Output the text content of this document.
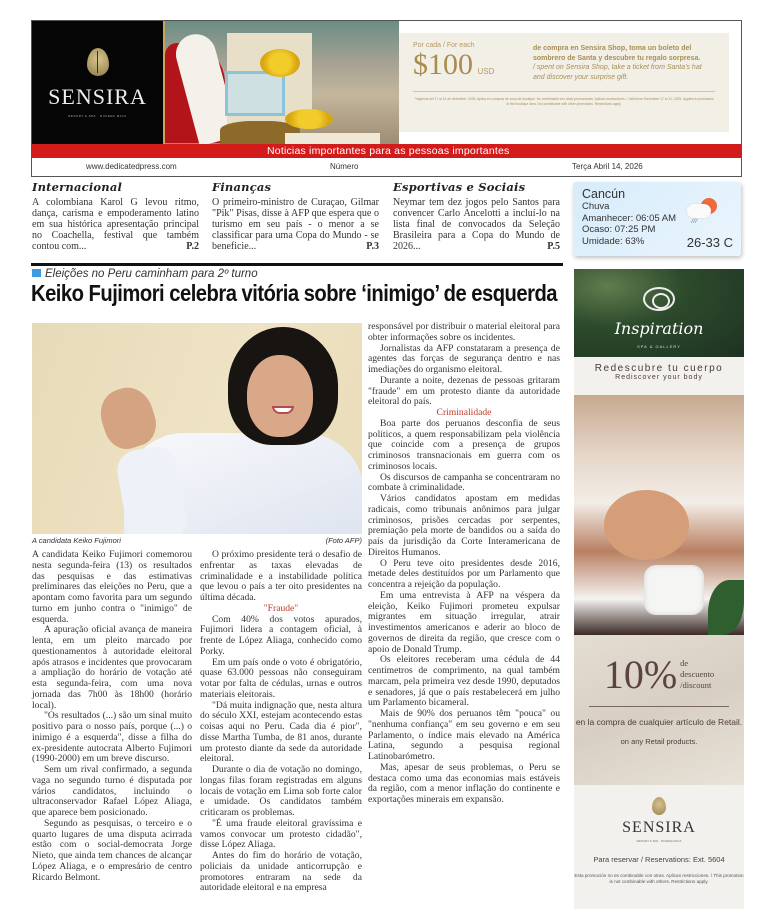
SENSIRA
RESORT & SPA · RIVIERA MAYA
Por cada / For each
$100 USD
de compra en Sensira Shop, toma un boleto del sombrero de Santa y descubre tu regalo sorpresa.
/ spent on Sensira Shop, take a ticket from Santa's hat and discover your surprise gift.
*Vigencia del 17 al 31 de diciembre, 2025. Aplica en compras de zona de boutique. No combinable con otras promociones. Aplican restricciones. / Valid from December 17 to 31, 2025. Applies to purchases in the boutique area. Not combinable with other promotions. Restrictions apply.
Noticias importantes para as pessoas importantes
www.dedicatedpress.com	Número	Terça Abril 14, 2026
Internacional

A colombiana Karol G levou ritmo, dança, carisma e empoderamento latino em sua histórica apresentação principal no Coachella, festival que também contou com...	P.2

Finanças

O primeiro-ministro de Curaçao, Gilmar "Pik" Pisas, disse à AFP que espera que o turismo em seu país - o menor a se classificar para uma Copa do Mundo - se beneficie...	P.3

Esportivas e Sociais

Neymar tem dez jogos pelo Santos para convencer Carlo Ancelotti a incluí-lo na lista final de convocados da Seleção Brasileira para a Copa do Mundo de 2026...	P.5

Cancún
Chuva
Amanhecer: 06:05 AM
Ocaso: 07:25 PM
Umidade: 63%
⁄⁄⁄
26-33 C
Eleições no Peru caminham para 2º turno
Keiko Fujimori celebra vitória sobre ‘inimigo’ de esquerda
A candidata Keiko Fujimori	(Foto AFP)

A candidata Keiko Fujimori comemorou nesta segunda-feira (13) os resultados das pesquisas e das estimativas preliminares das eleições no Peru, que a apontam como favorita para um segundo turno em junho contra o "inimigo" de esquerda.

A apuração oficial avança de maneira lenta, em um pleito marcado por questionamentos à autoridade eleitoral após atrasos e incidentes que provocaram a ampliação do horário de votação até esta segunda-feira, com uma nova jornada das 7h00 às 18h00 (horário local).

"Os resultados (...) são um sinal muito positivo para o nosso país, porque (...) o inimigo é a esquerda", disse a filha do ex-presidente autocrata Alberto Fujimori (1990-2000) em um breve discurso.

Sem um rival confirmado, a segunda vaga no segundo turno é disputada por vários candidatos, incluindo o ultraconservador Rafael López Aliaga, que aparece bem posicionado.

Segundo as pesquisas, o terceiro e o quarto lugares de uma disputa acirrada estão com o social-democrata Jorge Nieto, que ainda tem chances de alcançar López Aliaga, e o empresário de centro Ricardo Belmont.

O próximo presidente terá o desafio de enfrentar as taxas elevadas de criminalidade e a instabilidade política que levou o país a ter oito presidentes na última década.

"Fraude"

Com 40% dos votos apurados, Fujimori lidera a contagem oficial, à frente de López Aliaga, conhecido como Porky.

Em um país onde o voto é obrigatório, quase 63.000 pessoas não conseguiram votar por falta de cédulas, urnas e outros materiais eleitorais.

"Dá muita indignação que, nesta altura do século XXI, estejam acontecendo estas coisas aqui no Peru. Cada dia é pior", disse Martha Tumba, de 81 anos, durante um protesto diante da sede da autoridade eleitoral.

Durante o dia de votação no domingo, longas filas foram registradas em alguns locais de votação em Lima sob forte calor e umidade. Os candidatos também criticaram os problemas.

"É uma fraude eleitoral gravíssima e vamos convocar um protesto cidadão", disse López Aliaga.

Antes do fim do horário de votação, policiais da unidade anticorrupção e promotores entraram na sede da autoridade eleitoral e na empresa

responsável por distribuir o material eleitoral para obter informações sobre os incidentes.

Jornalistas da AFP constataram a presença de agentes das forças de segurança dentro e nas imediações do organismo eleitoral.

Durante a noite, dezenas de pessoas gritaram "fraude" em um protesto diante da autoridade eleitoral do país.

Criminalidade

Boa parte dos peruanos desconfia de seus políticos, a quem responsabilizam pela violência que coincide com a presença de grupos criminosos transnacionais em guerra com os criminosos locais.

Os discursos de campanha se concentraram no combate à criminalidade.

Vários candidatos apostam em medidas radicais, como tribunais anônimos para julgar criminosos, prisões cercadas por serpentes, premiação pela morte de bandidos ou a saída do país da jurisdição da Corte Interamericana de Direitos Humanos.

O Peru teve oito presidentes desde 2016, metade deles destituídos por um Parlamento que concentra a rejeição da população.

Em uma entrevista à AFP na véspera da eleição, Keiko Fujimori prometeu expulsar migrantes em situação irregular, atrair investimentos americanos e aderir ao bloco de governos de direita da região, que cresce com o apoio de Donald Trump.

Os eleitores receberam uma cédula de 44 centímetros de comprimento, na qual também marcam, pela primeira vez desde 1990, deputados e senadores, já que o país restabelecerá em julho um Parlamento bicameral.

Mais de 90% dos peruanos têm "pouca" ou "nenhuma confiança" em seu governo e em seu Parlamento, o índice mais elevado na América Latina, segundo a pesquisa regional Latinobarómetro.

Mas, apesar de seus problemas, o Peru se destaca como uma das economias mais estáveis da região, com a menor inflação do continente e exportações minerais em expansão.

Inspiration
SPA & GALLERY
Redescubre tu cuerpo
Rediscover your body
10% de
descuento
/discount
en la compra de cualquier artículo de Retail.
on any Retail products.
SENSIRA
RESORT & SPA · RIVIERA MAYA
Para reservar / Reservations: Ext. 5604
Esta promoción no es combinable con otras. Aplican restricciones. / This promotion is not combinable with others. Restrictions apply.
